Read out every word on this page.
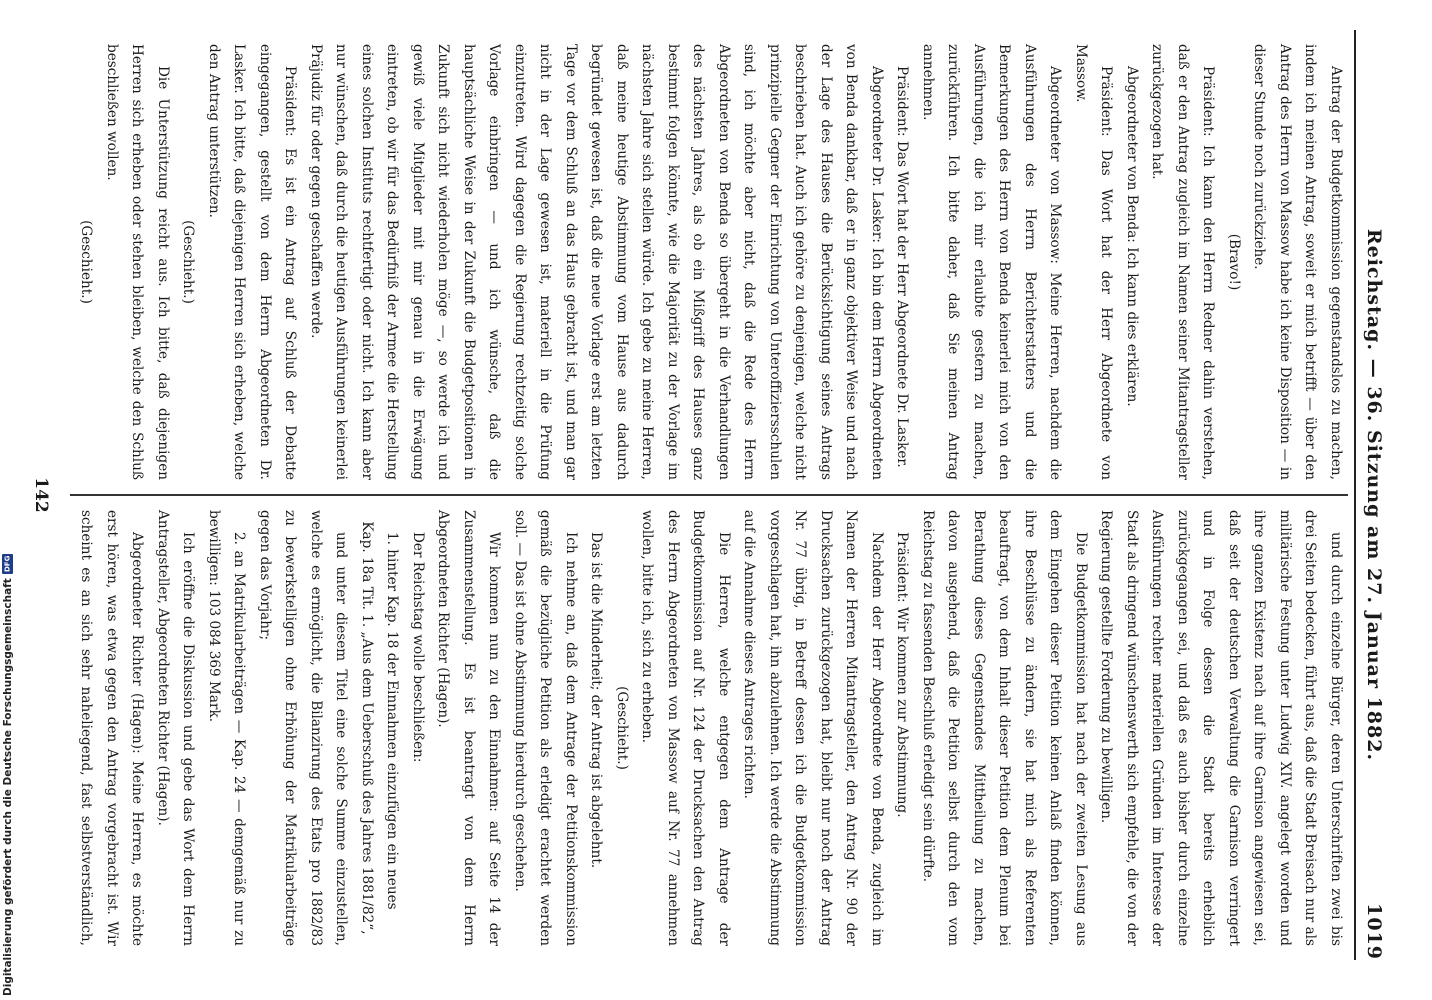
Reichstag. — 36. Sitzung am 27. Januar 1882.
1019

Antrag der Budgetkommission gegenstandslos zu machen, indem ich meinen Antrag, soweit er mich betrifft — über den Antrag des Herrn von Massow habe ich keine Disposition — in dieser Stunde noch zurückziehe.

(Bravo!)

Präsident: Ich kann den Herrn Redner dahin verstehen, daß er den Antrag zugleich im Namen seiner Mitantragsteller zurückgezogen hat.

Abgeordneter von Benda: Ich kann dies erklären.

Präsident: Das Wort hat der Herr Abgeordnete von Massow.

Abgeordneter von Massow: Meine Herren, nachdem die Ausführungen des Herrn Berichterstatters und die Bemerkungen des Herrn von Benda keinerlei mich von den Ausführungen, die ich mir erlaubte gestern zu machen, zurückführen. Ich bitte daher, daß Sie meinen Antrag annehmen.

Präsident: Das Wort hat der Herr Abgeordnete Dr. Lasker.

Abgeordneter Dr. Lasker: Ich bin dem Herrn Abgeordneten von Benda dankbar, daß er in ganz objektiver Weise und nach der Lage des Hauses die Berücksichtigung seines Antrags beschrieben hat. Auch ich gehöre zu denjenigen, welche nicht prinzipielle Gegner der Einrichtung von Unteroffiziersschulen sind, ich möchte aber nicht, daß die Rede des Herrn Abgeordneten von Benda so übergeht in die Verhandlungen des nächsten Jahres, als ob ein Mißgriff des Hauses ganz bestimmt folgen könnte, wie die Majorität zu der Vorlage im nächsten Jahre sich stellen würde. Ich gebe zu meine Herren, daß meine heutige Abstimmung vom Hause aus dadurch begründet gewesen ist, daß die neue Vorlage erst am letzten Tage vor dem Schluß an das Haus gebracht ist, und man gar nicht in der Lage gewesen ist, materiell in die Prüfung einzutreten. Wird dagegen die Regierung rechtzeitig solche Vorlage einbringen — und ich wünsche, daß die hauptsächliche Weise in der Zukunft die Budgetpositionen in Zukunft sich nicht wiederholen möge —, so werde ich und gewiß viele Mitglieder mit mir genau in die Erwägung eintreten, ob wir für das Bedürfniß der Armee die Herstellung eines solchen Instituts rechtfertigt oder nicht. Ich kann aber nur wünschen, daß durch die heutigen Ausführungen keinerlei Präjudiz für oder gegen geschaffen werde.

Präsident: Es ist ein Antrag auf Schluß der Debatte eingegangen, gestellt von dem Herrn Abgeordneten Dr. Lasker. Ich bitte, daß diejenigen Herren sich erheben, welche den Antrag unterstützen.

(Geschieht.)

Die Unterstützung reicht aus. Ich bitte, daß diejenigen Herren sich erheben oder stehen bleiben, welche den Schluß beschließen wollen.

(Geschieht.)

und durch einzelne Bürger, deren Unterschriften zwei bis drei Seiten bedecken, führt aus, daß die Stadt Breisach nur als militärische Festung unter Ludwig XIV. angelegt worden und ihre ganzen Existenz nach auf ihre Garnison angewiesen sei, daß seit der deutschen Verwaltung die Garnison verringert und in Folge dessen die Stadt bereits erheblich zurückgegangen sei, und daß es auch bisher durch einzelne Ausführungen rechter materiellen Gründen im Interesse der Stadt als dringend wünschenswerth sich empfehle, die von der Regierung gestellte Forderung zu bewilligen.

Die Budgetkommission hat nach der zweiten Lesung aus dem Eingehen dieser Petition keinen Anlaß finden können, ihre Beschlüsse zu ändern, sie hat mich als Referenten beauftragt, von dem Inhalt dieser Petition dem Plenum bei Berathung dieses Gegenstandes Mittheilung zu machen, davon ausgehend, daß die Petition selbst durch den vom Reichstag zu fassenden Beschluß erledigt sein dürfte.

Präsident: Wir kommen zur Abstimmung.

Nachdem der Herr Abgeordnete von Benda, zugleich im Namen der Herren Mitantragsteller, den Antrag Nr. 90 der Drucksachen zurückgezogen hat, bleibt nur noch der Antrag Nr. 77 übrig, in Betreff dessen ich die Budgetkommission vorgeschlagen hat, ihn abzulehnen. Ich werde die Abstimmung auf die Annahme dieses Antrages richten.

Die Herren, welche entgegen dem Antrage der Budgetkommission auf Nr. 124 der Drucksachen den Antrag des Herrn Abgeordneten von Massow auf Nr. 77 annehmen wollen, bitte ich, sich zu erheben.

(Geschieht.)

Das ist die Minderheit; der Antrag ist abgelehnt.

Ich nehme an, daß dem Antrage der Petitionskommission gemäß die bezügliche Petition als erledigt erachtet werden soll. — Das ist ohne Abstimmung hierdurch geschehen.

Wir kommen nun zu den Einnahmen: auf Seite 14 der Zusammenstellung. Es ist beantragt von dem Herrn Abgeordneten Richter (Hagen).

Der Reichstag wolle beschließen:

1. hinter Kap. 18 der Einnahmen einzufügen ein neues

Kap. 18a Tit. 1. „Aus dem Ueberschuß des Jahres 1881/82“,

und unter diesem Titel eine solche Summe einzustellen, welche es ermöglicht, die Bilanzirung des Etats pro 1882/83 zu bewerkstelligen ohne Erhöhung der Matrikularbeiträge gegen das Vorjahr;

2. an Matrikularbeiträgen — Kap. 24 — demgemäß nur zu bewilligen: 103 084 369 Mark.

Ich eröffne die Diskussion und gebe das Wort dem Herrn Antragsteller, Abgeordneten Richter (Hagen).

Abgeordneter Richter (Hagen): Meine Herren, es möchte erst hören, was etwa gegen den Antrag vorgebracht ist. Wir scheint es an sich sehr naheliegend, fast selbstverständlich,

142
Digitalisierung gefördert durch die Deutsche Forschungsgemeinschaft
DFG
